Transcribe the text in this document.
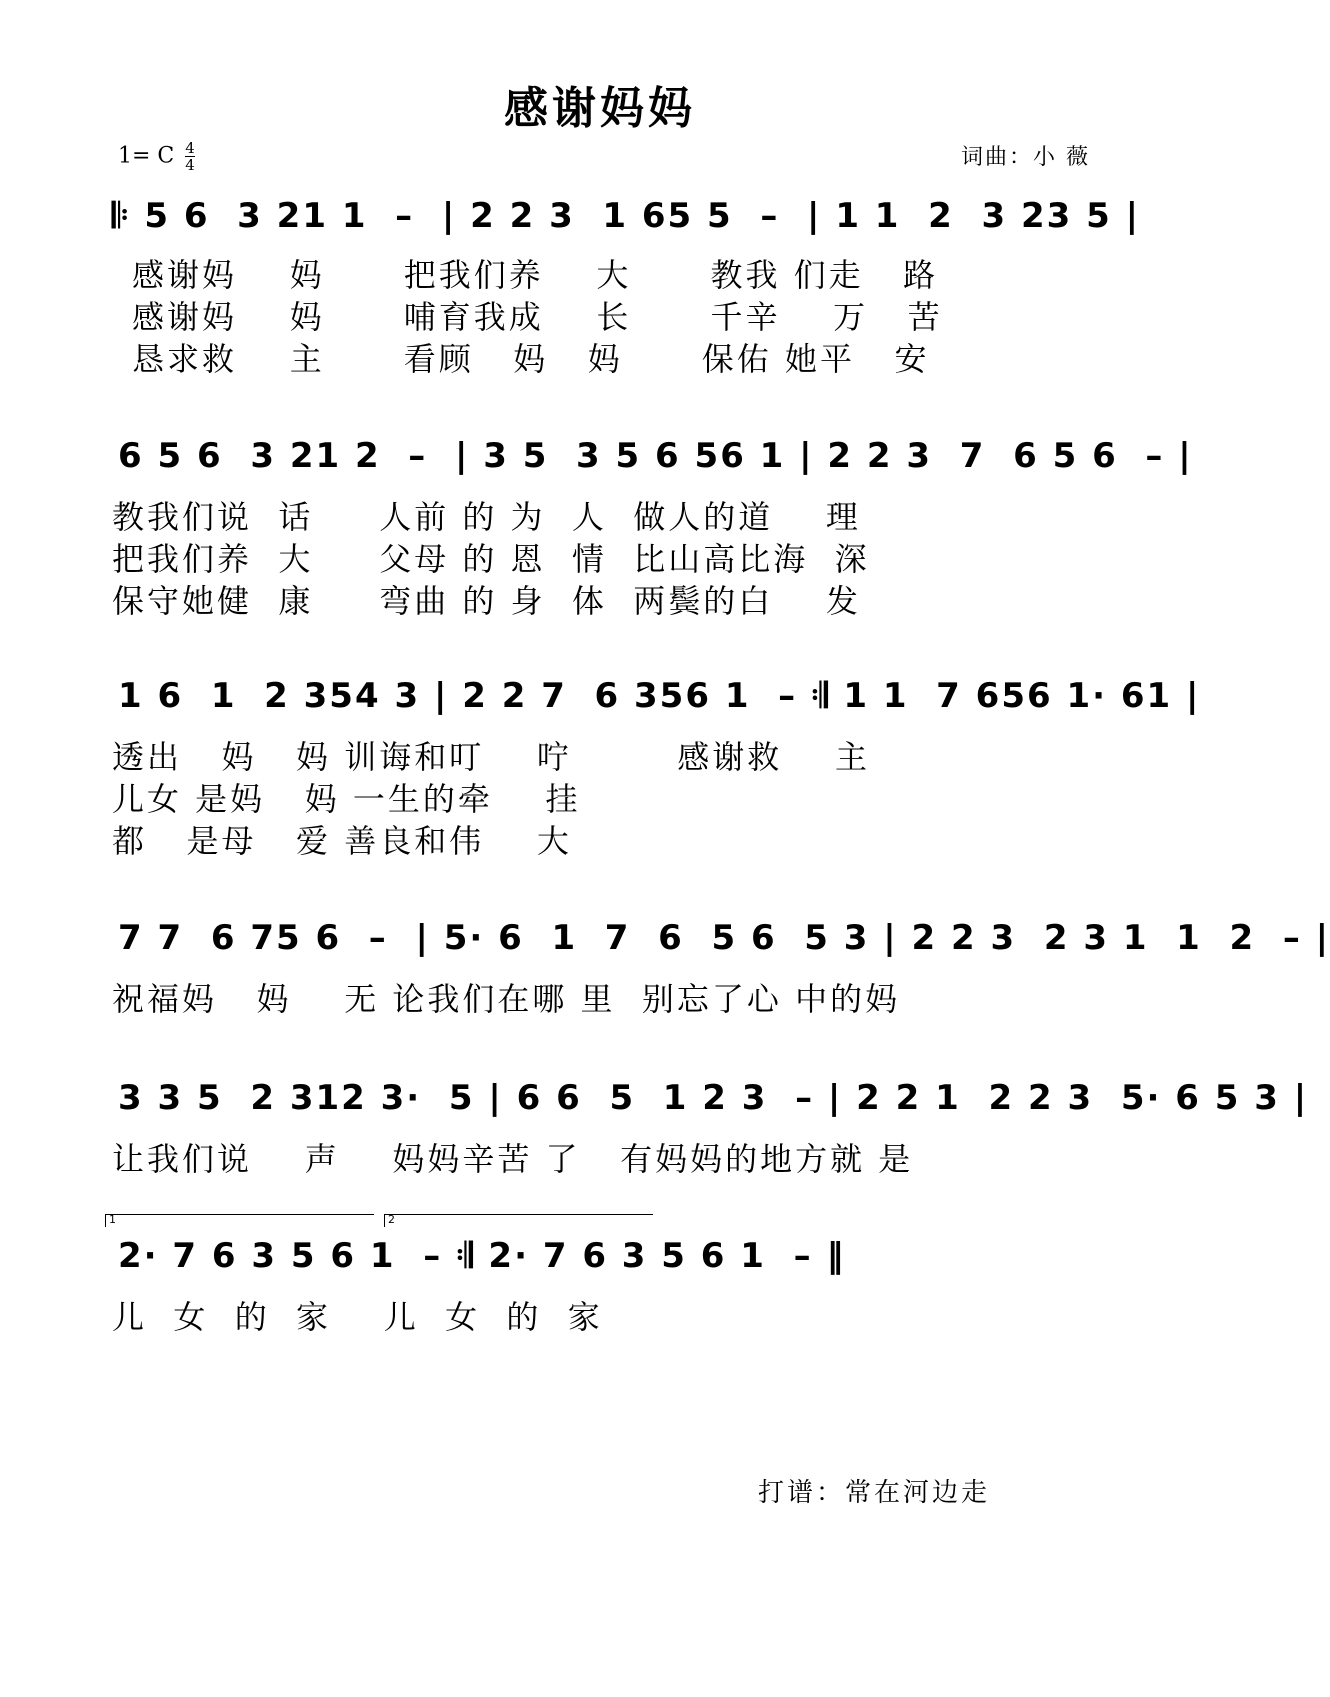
感谢妈妈
1= C $\frac{4}{4}$	词曲：小 薇
𝄆 5 6  3 21 1  –  | 2 2 3  1 65 5  –  | 1 1  2  3 23 5 |
感谢妈    妈      把我们养    大      教我 们走   路
感谢妈    妈      哺育我成    长      千辛    万   苦
恳求救    主      看顾   妈   妈      保佑 她平   安
6 5 6  3 21 2  –  | 3 5  3 5 6 56 1 | 2 2 3  7  6 5 6  – |
教我们说  话     人前 的 为  人  做人的道    理
把我们养  大     父母 的 恩  情  比山高比海  深
保守她健  康     弯曲 的 身  体  两鬓的白    发
1 6  1  2 354 3 | 2 2 7  6 356 1  – 𝄇 1 1  7 656 1· 61 |
透出   妈   妈 训诲和叮    咛        感谢救    主
儿女 是妈   妈 一生的牵    挂
都   是母   爱 善良和伟    大
7 7  6 75 6  –  | 5· 6  1  7  6  5 6  5 3 | 2 2 3  2 3 1  1  2  – |
祝福妈   妈    无 论我们在哪 里  别忘了心 中的妈
3 3 5  2 312 3·  5 | 6 6  5  1 2 3  – | 2 2 1  2 2 3  5· 6 5 3 |
让我们说    声    妈妈辛苦 了   有妈妈的地方就 是
1	2
2· 7 6 3 5 6 1  – 𝄇 2· 7 6 3 5 6 1  – ‖
儿  女  的  家    儿  女  的  家
打谱：常在河边走
